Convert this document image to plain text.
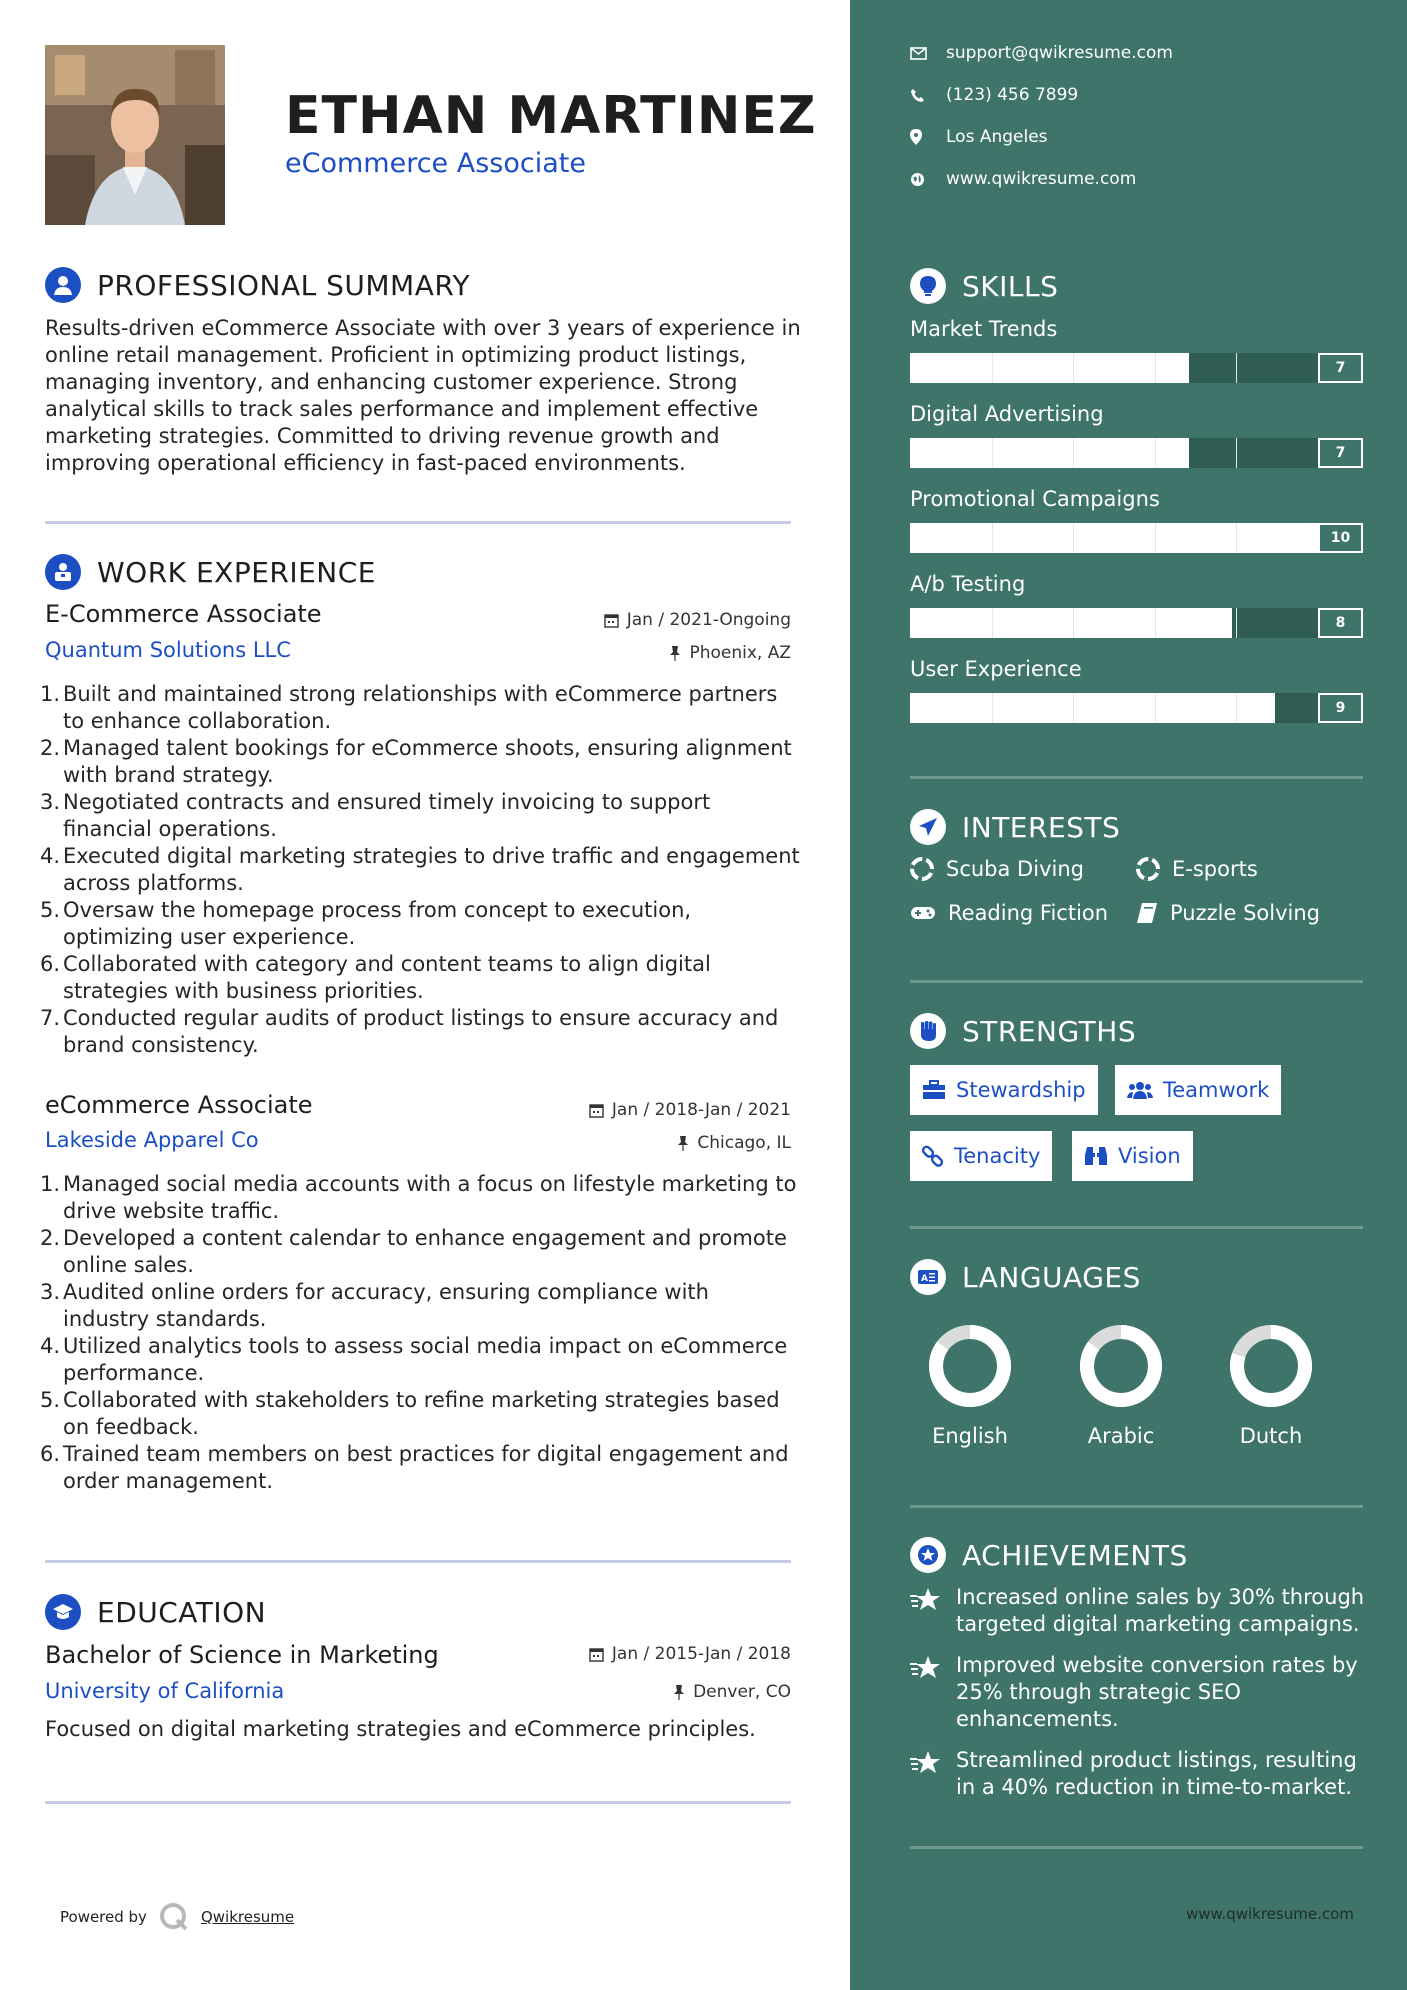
ETHAN MARTINEZ
eCommerce Associate
PROFESSIONAL SUMMARY
Results-driven eCommerce Associate with over 3 years of experience in online retail management. Proficient in optimizing product listings, managing inventory, and enhancing customer experience. Strong analytical skills to track sales performance and implement effective marketing strategies. Committed to driving revenue growth and improving operational efficiency in fast-paced environments.
WORK EXPERIENCE
E-Commerce Associate	Jan / 2021-Ongoing
Quantum Solutions LLC	Phoenix, AZ
1. Built and maintained strong relationships with eCommerce partners to enhance collaboration.
2. Managed talent bookings for eCommerce shoots, ensuring alignment with brand strategy.
3. Negotiated contracts and ensured timely invoicing to support financial operations.
4. Executed digital marketing strategies to drive traffic and engagement across platforms.
5. Oversaw the homepage process from concept to execution, optimizing user experience.
6. Collaborated with category and content teams to align digital strategies with business priorities.
7. Conducted regular audits of product listings to ensure accuracy and brand consistency.
eCommerce Associate	Jan / 2018-Jan / 2021
Lakeside Apparel Co	Chicago, IL
1. Managed social media accounts with a focus on lifestyle marketing to drive website traffic.
2. Developed a content calendar to enhance engagement and promote online sales.
3. Audited online orders for accuracy, ensuring compliance with industry standards.
4. Utilized analytics tools to assess social media impact on eCommerce performance.
5. Collaborated with stakeholders to refine marketing strategies based on feedback.
6. Trained team members on best practices for digital engagement and order management.
EDUCATION
Bachelor of Science in Marketing	Jan / 2015-Jan / 2018
University of California	Denver, CO
Focused on digital marketing strategies and eCommerce principles.
Powered by	Qwikresume
support@qwikresume.com
(123) 456 7899
Los Angeles
www.qwikresume.com
SKILLS
Market Trends
7
Digital Advertising
7
Promotional Campaigns
10
A/b Testing
8
User Experience
9
INTERESTS
Scuba Diving	E-sports
Reading Fiction	Puzzle Solving
STRENGTHS
Stewardship	Teamwork
Tenacity	Vision
A LANGUAGES
English	Arabic	Dutch
ACHIEVEMENTS
Increased online sales by 30% through targeted digital marketing campaigns.
Improved website conversion rates by 25% through strategic SEO enhancements.
Streamlined product listings, resulting in a 40% reduction in time-to-market.
www.qwikresume.com
